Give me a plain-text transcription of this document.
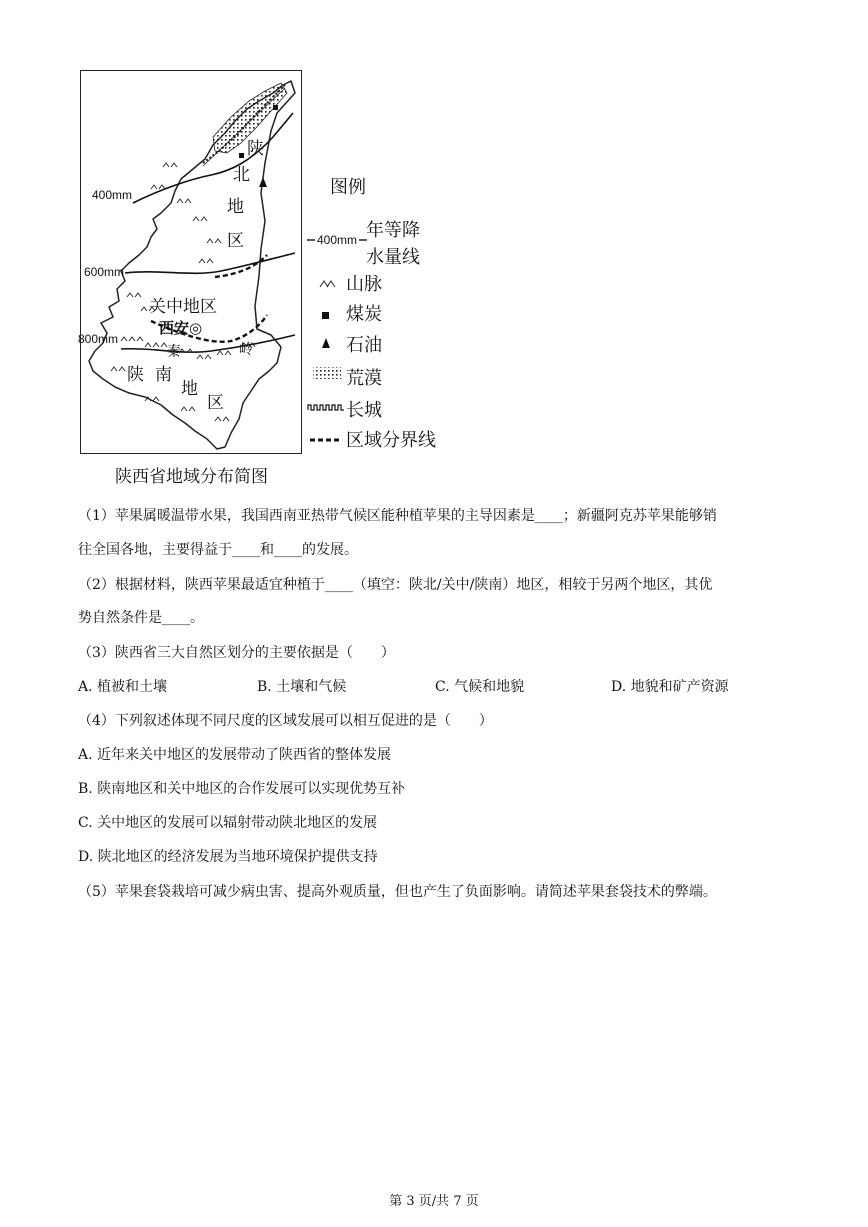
陕
北
地
区
关中地区
西安◎
秦	岭
陕 南
地
区
400mm
600mm
800mm
陕西省地域分布简图
图例
400mm 年等降
水量线
山脉
煤炭
石油
荒漠
长城
区域分界线
（1）苹果属暖温带水果，我国西南亚热带气候区能种植苹果的主导因素是____；新疆阿克苏苹果能够销
往全国各地，主要得益于____和____的发展。
（2）根据材料，陕西苹果最适宜种植于____（填空：陕北/关中/陕南）地区，相较于另两个地区，其优
势自然条件是____。
（3）陕西省三大自然区划分的主要依据是（　　）
A. 植被和土壤	B. 土壤和气候	C. 气候和地貌	D. 地貌和矿产资源
（4）下列叙述体现不同尺度的区域发展可以相互促进的是（　　）
A. 近年来关中地区的发展带动了陕西省的整体发展
B. 陕南地区和关中地区的合作发展可以实现优势互补
C. 关中地区的发展可以辐射带动陕北地区的发展
D. 陕北地区的经济发展为当地环境保护提供支持
（5）苹果套袋栽培可减少病虫害、提高外观质量，但也产生了负面影响。请简述苹果套袋技术的弊端。
第 3 页/共 7 页
